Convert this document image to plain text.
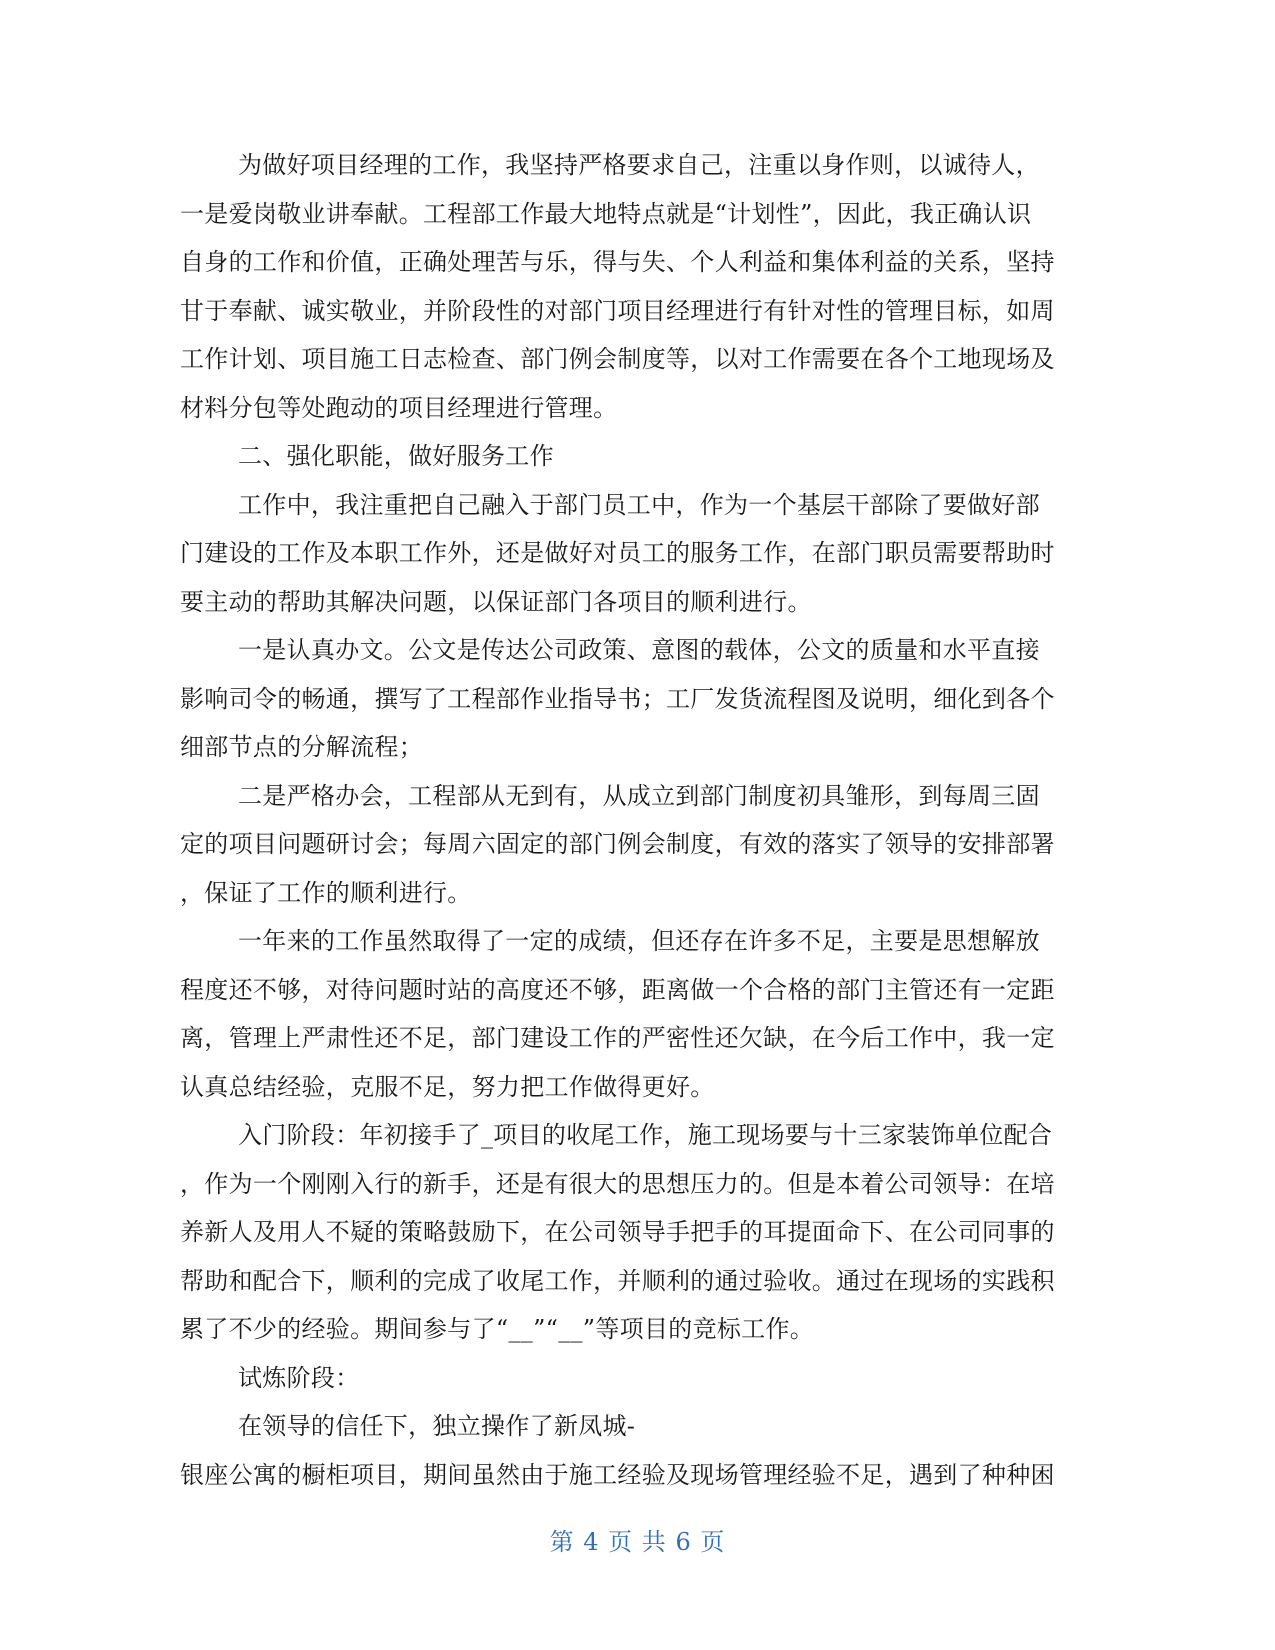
为做好项目经理的工作，我坚持严格要求自己，注重以身作则，以诚待人，
一是爱岗敬业讲奉献。工程部工作最大地特点就是“计划性”，因此，我正确认识
自身的工作和价值，正确处理苦与乐，得与失、个人利益和集体利益的关系，坚持
甘于奉献、诚实敬业，并阶段性的对部门项目经理进行有针对性的管理目标，如周
工作计划、项目施工日志检查、部门例会制度等，以对工作需要在各个工地现场及
材料分包等处跑动的项目经理进行管理。

二、强化职能，做好服务工作

工作中，我注重把自己融入于部门员工中，作为一个基层干部除了要做好部
门建设的工作及本职工作外，还是做好对员工的服务工作，在部门职员需要帮助时
要主动的帮助其解决问题，以保证部门各项目的顺利进行。

一是认真办文。公文是传达公司政策、意图的载体，公文的质量和水平直接
影响司令的畅通，撰写了工程部作业指导书；工厂发货流程图及说明，细化到各个
细部节点的分解流程；

二是严格办会，工程部从无到有，从成立到部门制度初具雏形，到每周三固
定的项目问题研讨会；每周六固定的部门例会制度，有效的落实了领导的安排部署
，保证了工作的顺利进行。

一年来的工作虽然取得了一定的成绩，但还存在许多不足，主要是思想解放
程度还不够，对待问题时站的高度还不够，距离做一个合格的部门主管还有一定距
离，管理上严肃性还不足，部门建设工作的严密性还欠缺，在今后工作中，我一定
认真总结经验，克服不足，努力把工作做得更好。

入门阶段：年初接手了_项目的收尾工作，施工现场要与十三家装饰单位配合
，作为一个刚刚入行的新手，还是有很大的思想压力的。但是本着公司领导：在培
养新人及用人不疑的策略鼓励下，在公司领导手把手的耳提面命下、在公司同事的
帮助和配合下，顺利的完成了收尾工作，并顺利的通过验收。通过在现场的实践积
累了不少的经验。期间参与了“__”“__”等项目的竞标工作。

试炼阶段：

在领导的信任下，独立操作了新凤城-

银座公寓的橱柜项目，期间虽然由于施工经验及现场管理经验不足，遇到了种种困

第 4 页 共 6 页
